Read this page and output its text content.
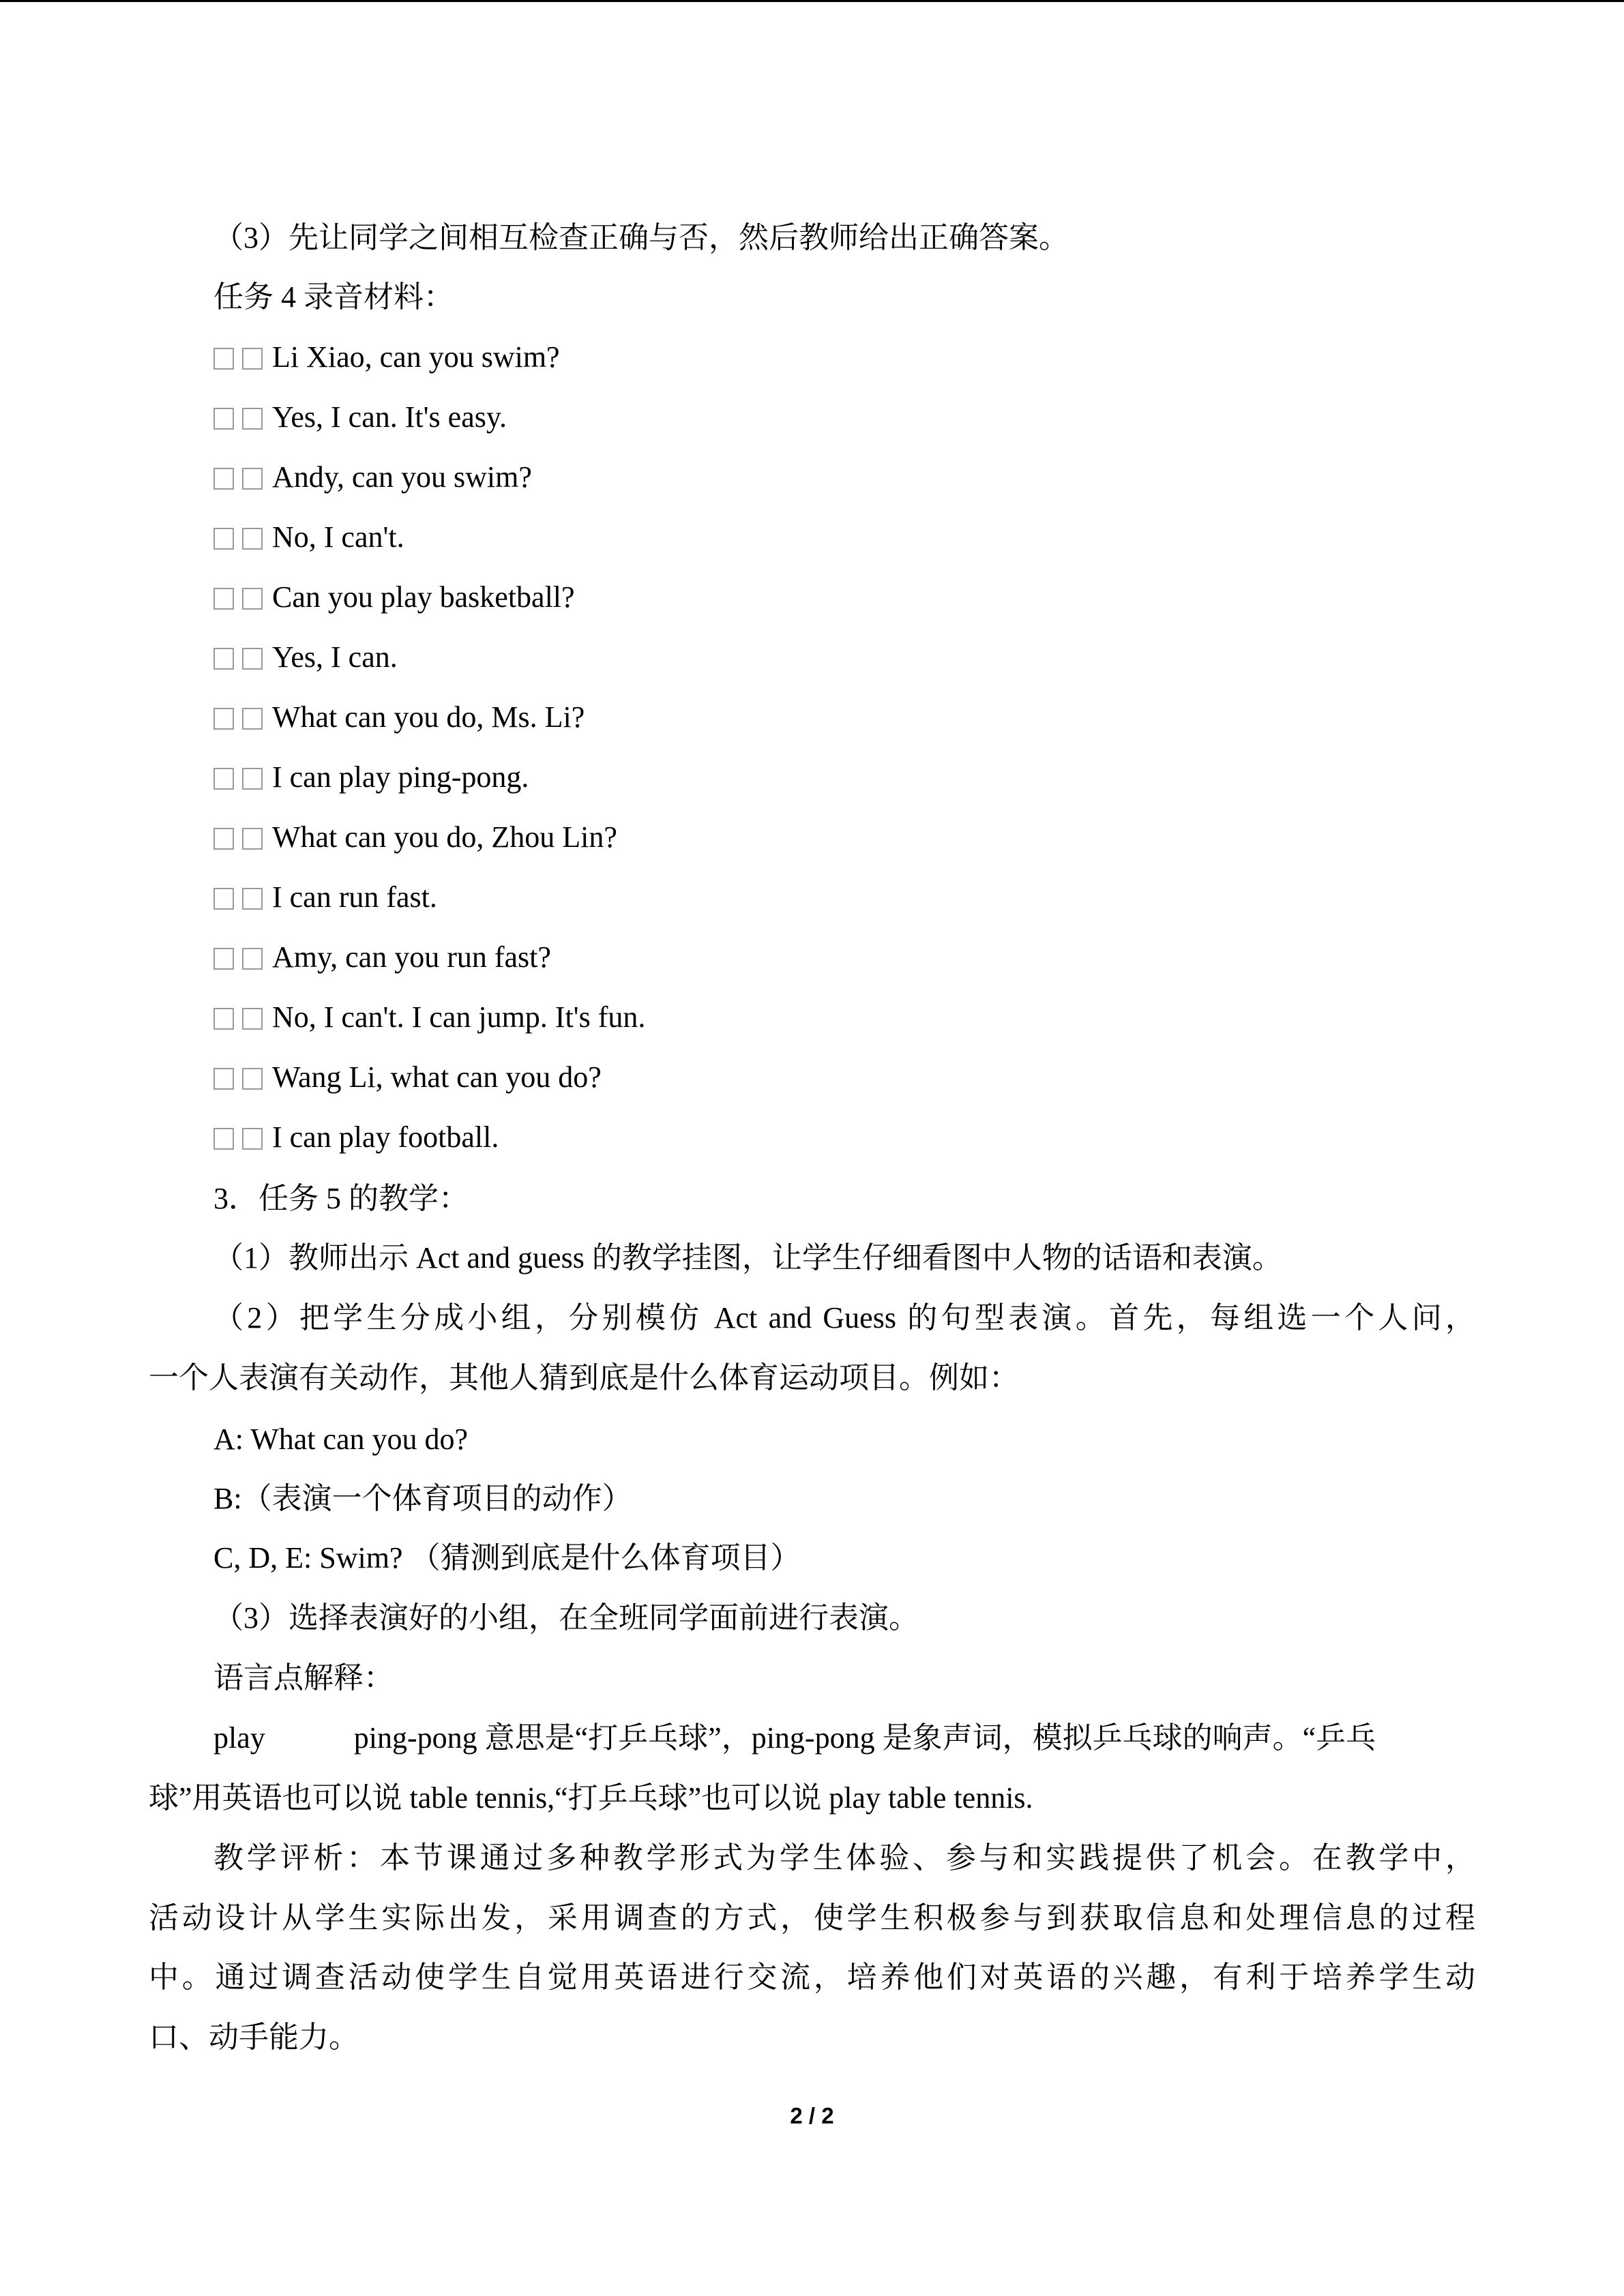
（3）先让同学之间相互检查正确与否，然后教师给出正确答案。
任务 4 录音材料：
Li Xiao, can you swim?
Yes, I can. It's easy.
Andy, can you swim?
No, I can't.
Can you play basketball?
Yes, I can.
What can you do, Ms. Li?
I can play ping-pong.
What can you do, Zhou Lin?
I can run fast.
Amy, can you run fast?
No, I can't. I can jump. It's fun.
Wang Li, what can you do?
I can play football.
3．任务 5 的教学：
（1）教师出示 Act and guess 的教学挂图，让学生仔细看图中人物的话语和表演。
（2）把学生分成小组，分别模仿 Act and Guess 的句型表演。首先，每组选一个人问，
一个人表演有关动作，其他人猜到底是什么体育运动项目。例如：
A: What can you do?
B:（表演一个体育项目的动作）
C, D, E: Swim? （猜测到底是什么体育项目）
（3）选择表演好的小组，在全班同学面前进行表演。
语言点解释：
play	ping-pong 意思是“打乒乓球”，ping-pong 是象声词，模拟乒乓球的响声。“乒乓
球”用英语也可以说 table tennis,“打乒乓球”也可以说 play table tennis.
教学评析：本节课通过多种教学形式为学生体验、参与和实践提供了机会。在教学中，
活动设计从学生实际出发，采用调查的方式，使学生积极参与到获取信息和处理信息的过程
中。通过调查活动使学生自觉用英语进行交流，培养他们对英语的兴趣，有利于培养学生动
口、动手能力。
2 / 2
